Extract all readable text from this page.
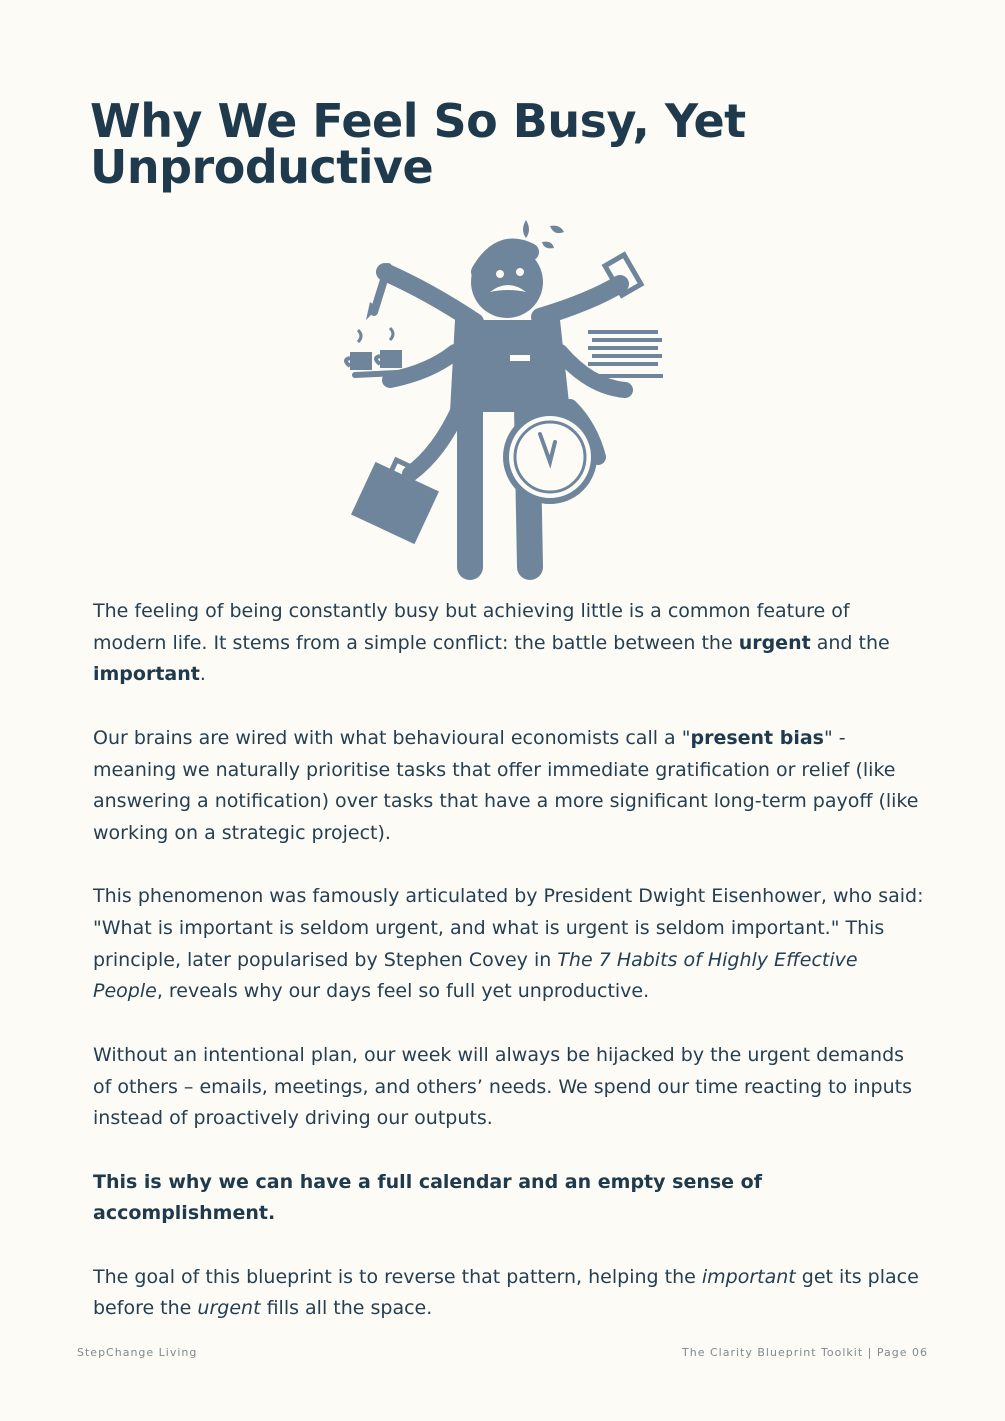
Why We Feel So Busy, Yet Unproductive

The feeling of being constantly busy but achieving little is a common feature of modern life. It stems from a simple conflict: the battle between the urgent and the important.

Our brains are wired with what behavioural economists call a "present bias" - meaning we naturally prioritise tasks that offer immediate gratification or relief (like answering a notification) over tasks that have a more significant long-term payoff (like working on a strategic project).

This phenomenon was famously articulated by President Dwight Eisenhower, who said: "What is important is seldom urgent, and what is urgent is seldom important." This principle, later popularised by Stephen Covey in The 7 Habits of Highly Effective People, reveals why our days feel so full yet unproductive.

Without an intentional plan, our week will always be hijacked by the urgent demands of others – emails, meetings, and others’ needs. We spend our time reacting to inputs instead of proactively driving our outputs.

This is why we can have a full calendar and an empty sense of accomplishment.

The goal of this blueprint is to reverse that pattern, helping the important get its place before the urgent fills all the space.

StepChange Living	The Clarity Blueprint Toolkit | Page 06
